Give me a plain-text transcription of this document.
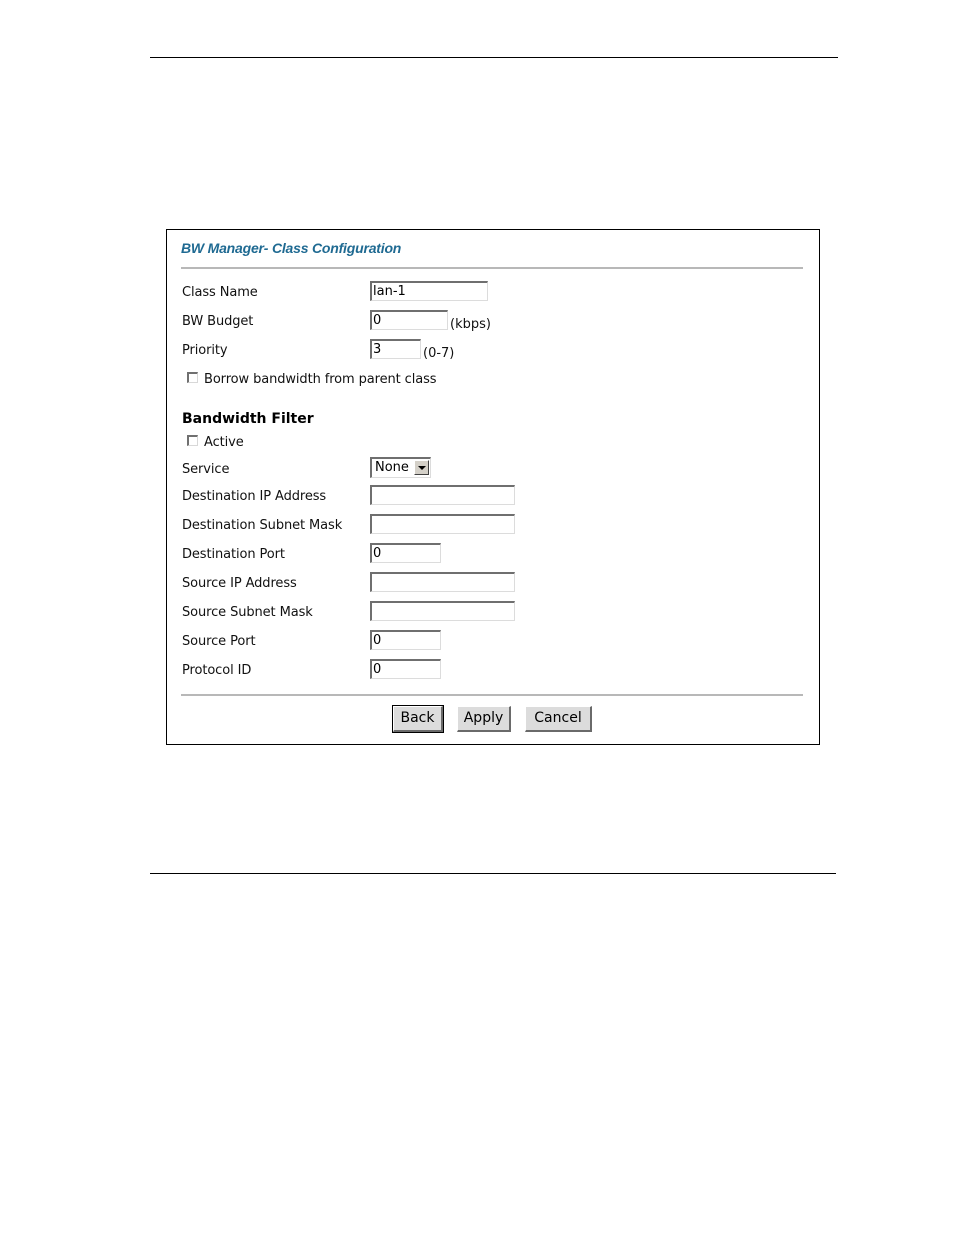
BW Manager- Class Configuration
Class Name	lan-1
BW Budget	0	(kbps)
Priority	3	(0-7)
Borrow bandwidth from parent class
Bandwidth Filter
Active
Service	None
Destination IP Address
Destination Subnet Mask
Destination Port	0
Source IP Address
Source Subnet Mask
Source Port	0
Protocol ID	0
Back	Apply	Cancel
